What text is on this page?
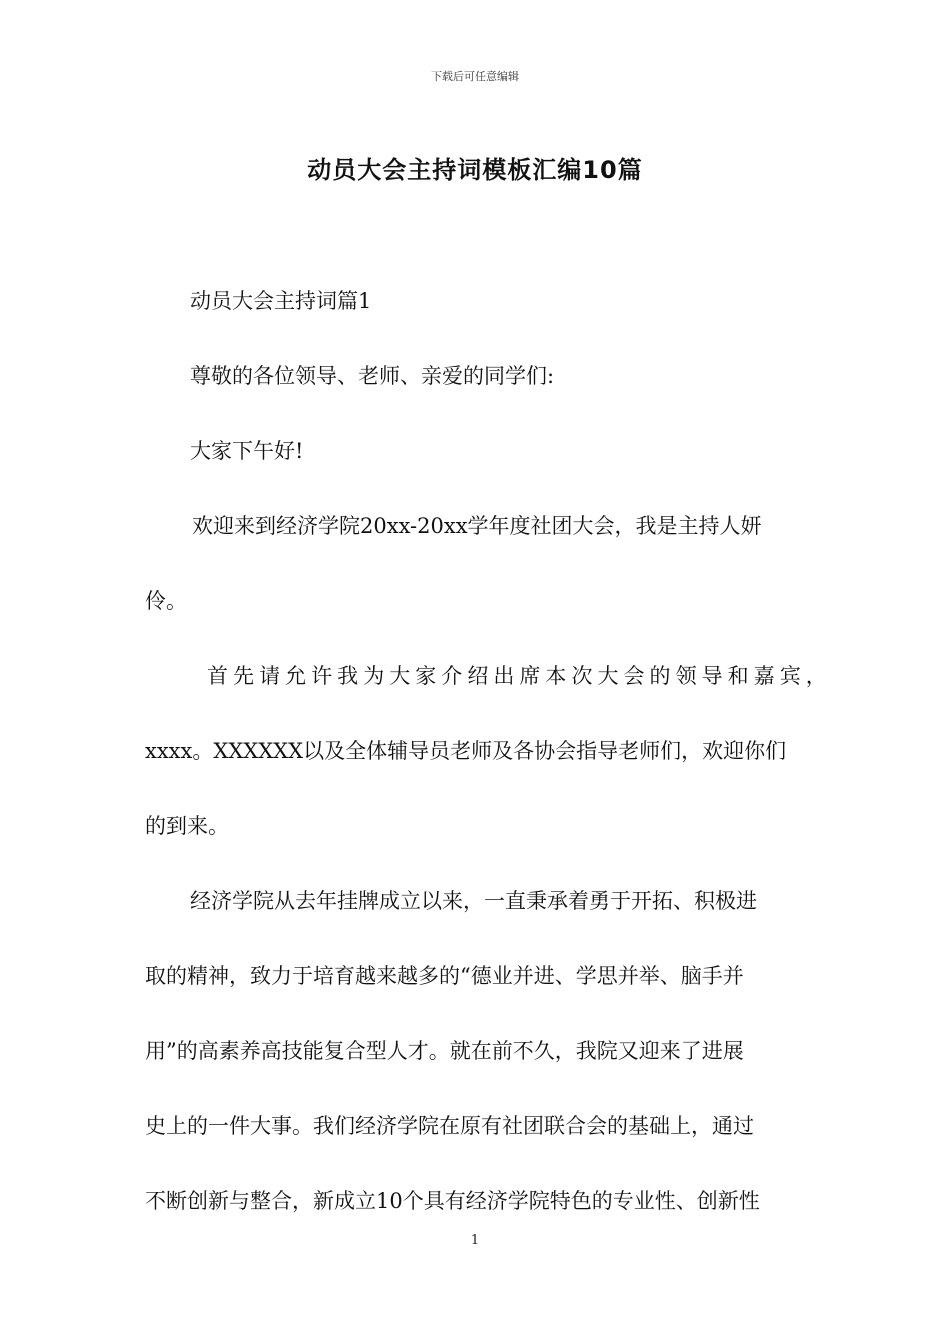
下载后可任意编辑
动员大会主持词模板汇编10篇
动员大会主持词篇1
尊敬的各位领导、老师、亲爱的同学们:
大家下午好!
欢迎来到经济学院20xx-20xx学年度社团大会，我是主持人妍
伶。
首 先 请 允 许 我 为 大 家 介 绍 出 席 本 次 大 会 的 领 导 和 嘉 宾 ，
xxxx。XXXXXX以及全体辅导员老师及各协会指导老师们，欢迎你们
的到来。
经济学院从去年挂牌成立以来，一直秉承着勇于开拓、积极进
取的精神，致力于培育越来越多的“德业并进、学思并举、脑手并
用”的高素养高技能复合型人才。就在前不久，我院又迎来了进展
史上的一件大事。我们经济学院在原有社团联合会的基础上，通过
不断创新与整合，新成立10个具有经济学院特色的专业性、创新性
1
